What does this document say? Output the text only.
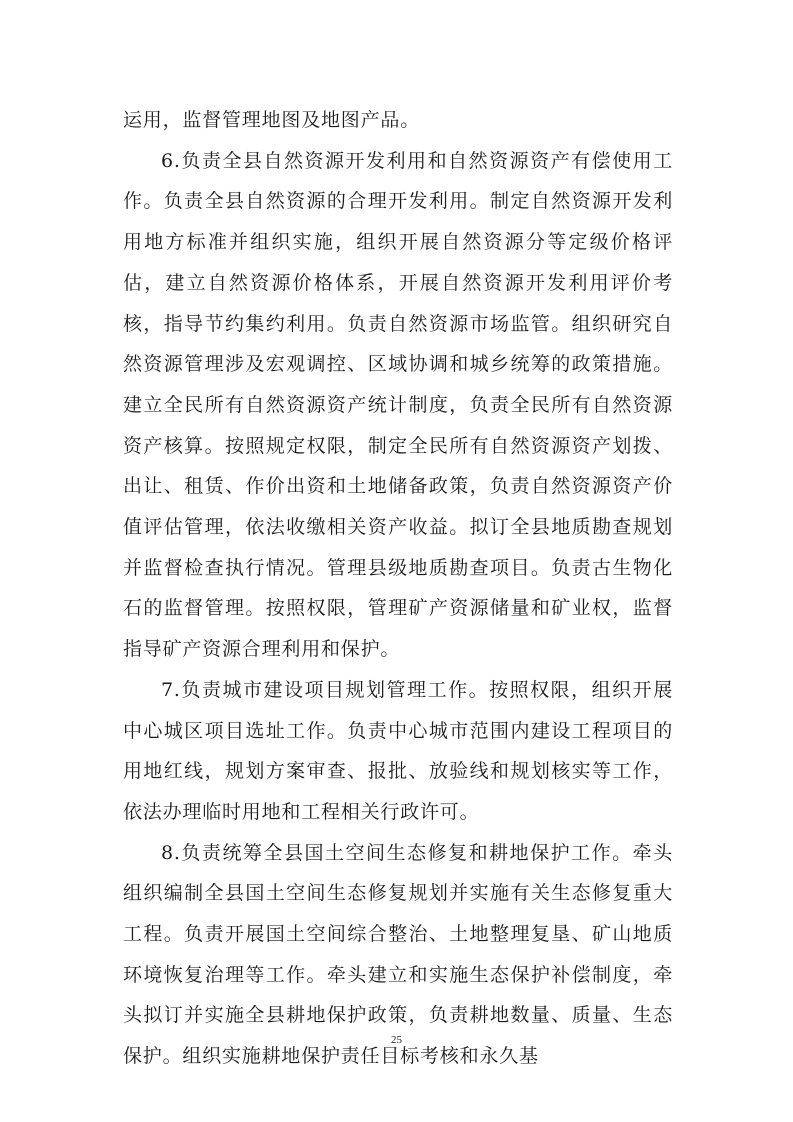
运用，监督管理地图及地图产品。

6.负责全县自然资源开发利用和自然资源资产有偿使用工作。负责全县自然资源的合理开发利用。制定自然资源开发利用地方标准并组织实施，组织开展自然资源分等定级价格评估，建立自然资源价格体系，开展自然资源开发利用评价考核，指导节约集约利用。负责自然资源市场监管。组织研究自然资源管理涉及宏观调控、区域协调和城乡统筹的政策措施。建立全民所有自然资源资产统计制度，负责全民所有自然资源资产核算。按照规定权限，制定全民所有自然资源资产划拨、出让、租赁、作价出资和土地储备政策，负责自然资源资产价值评估管理，依法收缴相关资产收益。拟订全县地质勘查规划并监督检查执行情况。管理县级地质勘查项目。负责古生物化石的监督管理。按照权限，管理矿产资源储量和矿业权，监督指导矿产资源合理利用和保护。

7.负责城市建设项目规划管理工作。按照权限，组织开展中心城区项目选址工作。负责中心城市范围内建设工程项目的用地红线，规划方案审查、报批、放验线和规划核实等工作，依法办理临时用地和工程相关行政许可。

8.负责统筹全县国土空间生态修复和耕地保护工作。牵头组织编制全县国土空间生态修复规划并实施有关生态修复重大工程。负责开展国土空间综合整治、土地整理复垦、矿山地质环境恢复治理等工作。牵头建立和实施生态保护补偿制度，牵头拟订并实施全县耕地保护政策，负责耕地数量、质量、生态保护。组织实施耕地保护责任目标考核和永久基

25
